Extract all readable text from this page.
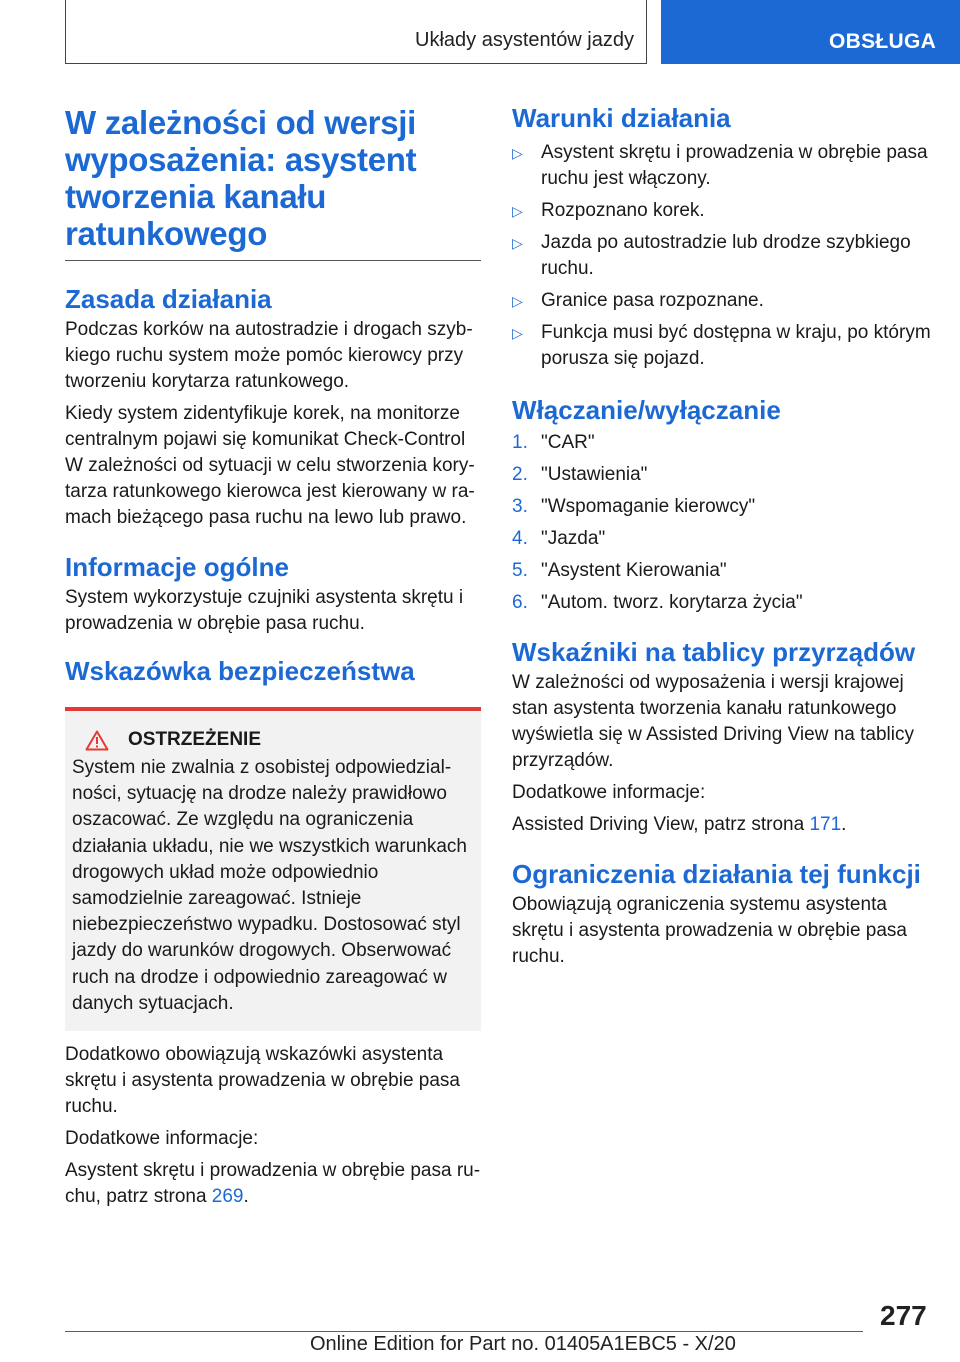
Układy asystentów jazdy	OBSŁUGA
W zależności od wersji wyposażenia: asystent tworzenia kanału ratunkowego
Zasada działania

Podczas korków na autostradzie i drogach szybkiego ruchu system może pomóc kierowcy przy tworzeniu korytarza ratunkowego.

Kiedy system zidentyfikuje korek, na monitorze centralnym pojawi się komunikat Check-Control W zależności od sytuacji w celu stworzenia korytarza ratunkowego kierowca jest kierowany w ramach bieżącego pasa ruchu na lewo lub prawo.

Informacje ogólne

System wykorzystuje czujniki asystenta skrętu i prowadzenia w obrębie pasa ruchu.

Wskazówka bezpieczeństwa
OSTRZEŻENIE

System nie zwalnia z osobistej odpowiedzialności, sytuację na drodze należy prawidłowo oszacować. Ze względu na ograniczenia działania układu, nie we wszystkich warunkach drogowych układ może odpowiednio samodzielnie zareagować. Istnieje niebezpieczeństwo wypadku. Dostosować styl jazdy do warunków drogowych. Obserwować ruch na drodze i odpowiednio zareagować w danych sytuacjach.

Dodatkowo obowiązują wskazówki asystenta skrętu i asystenta prowadzenia w obrębie pasa ruchu.

Dodatkowe informacje:

Asystent skrętu i prowadzenia w obrębie pasa ruchu, patrz strona 269.

Warunki działania
▷ Asystent skrętu i prowadzenia w obrębie pasa ruchu jest włączony.
▷ Rozpoznano korek.
▷ Jazda po autostradzie lub drodze szybkiego ruchu.
▷ Granice pasa rozpoznane.
▷ Funkcja musi być dostępna w kraju, po którym porusza się pojazd.
Włączanie/wyłączanie
1. "CAR"
2. "Ustawienia"
3. "Wspomaganie kierowcy"
4. "Jazda"
5. "Asystent Kierowania"
6. "Autom. tworz. korytarza życia"
Wskaźniki na tablicy przyrządów

W zależności od wyposażenia i wersji krajowej stan asystenta tworzenia kanału ratunkowego wyświetla się w Assisted Driving View na tablicy przyrządów.

Dodatkowe informacje:

Assisted Driving View, patrz strona 171.

Ograniczenia działania tej funkcji

Obowiązują ograniczenia systemu asystenta skrętu i asystenta prowadzenia w obrębie pasa ruchu.

277
Online Edition for Part no. 01405A1EBC5 - X/20
